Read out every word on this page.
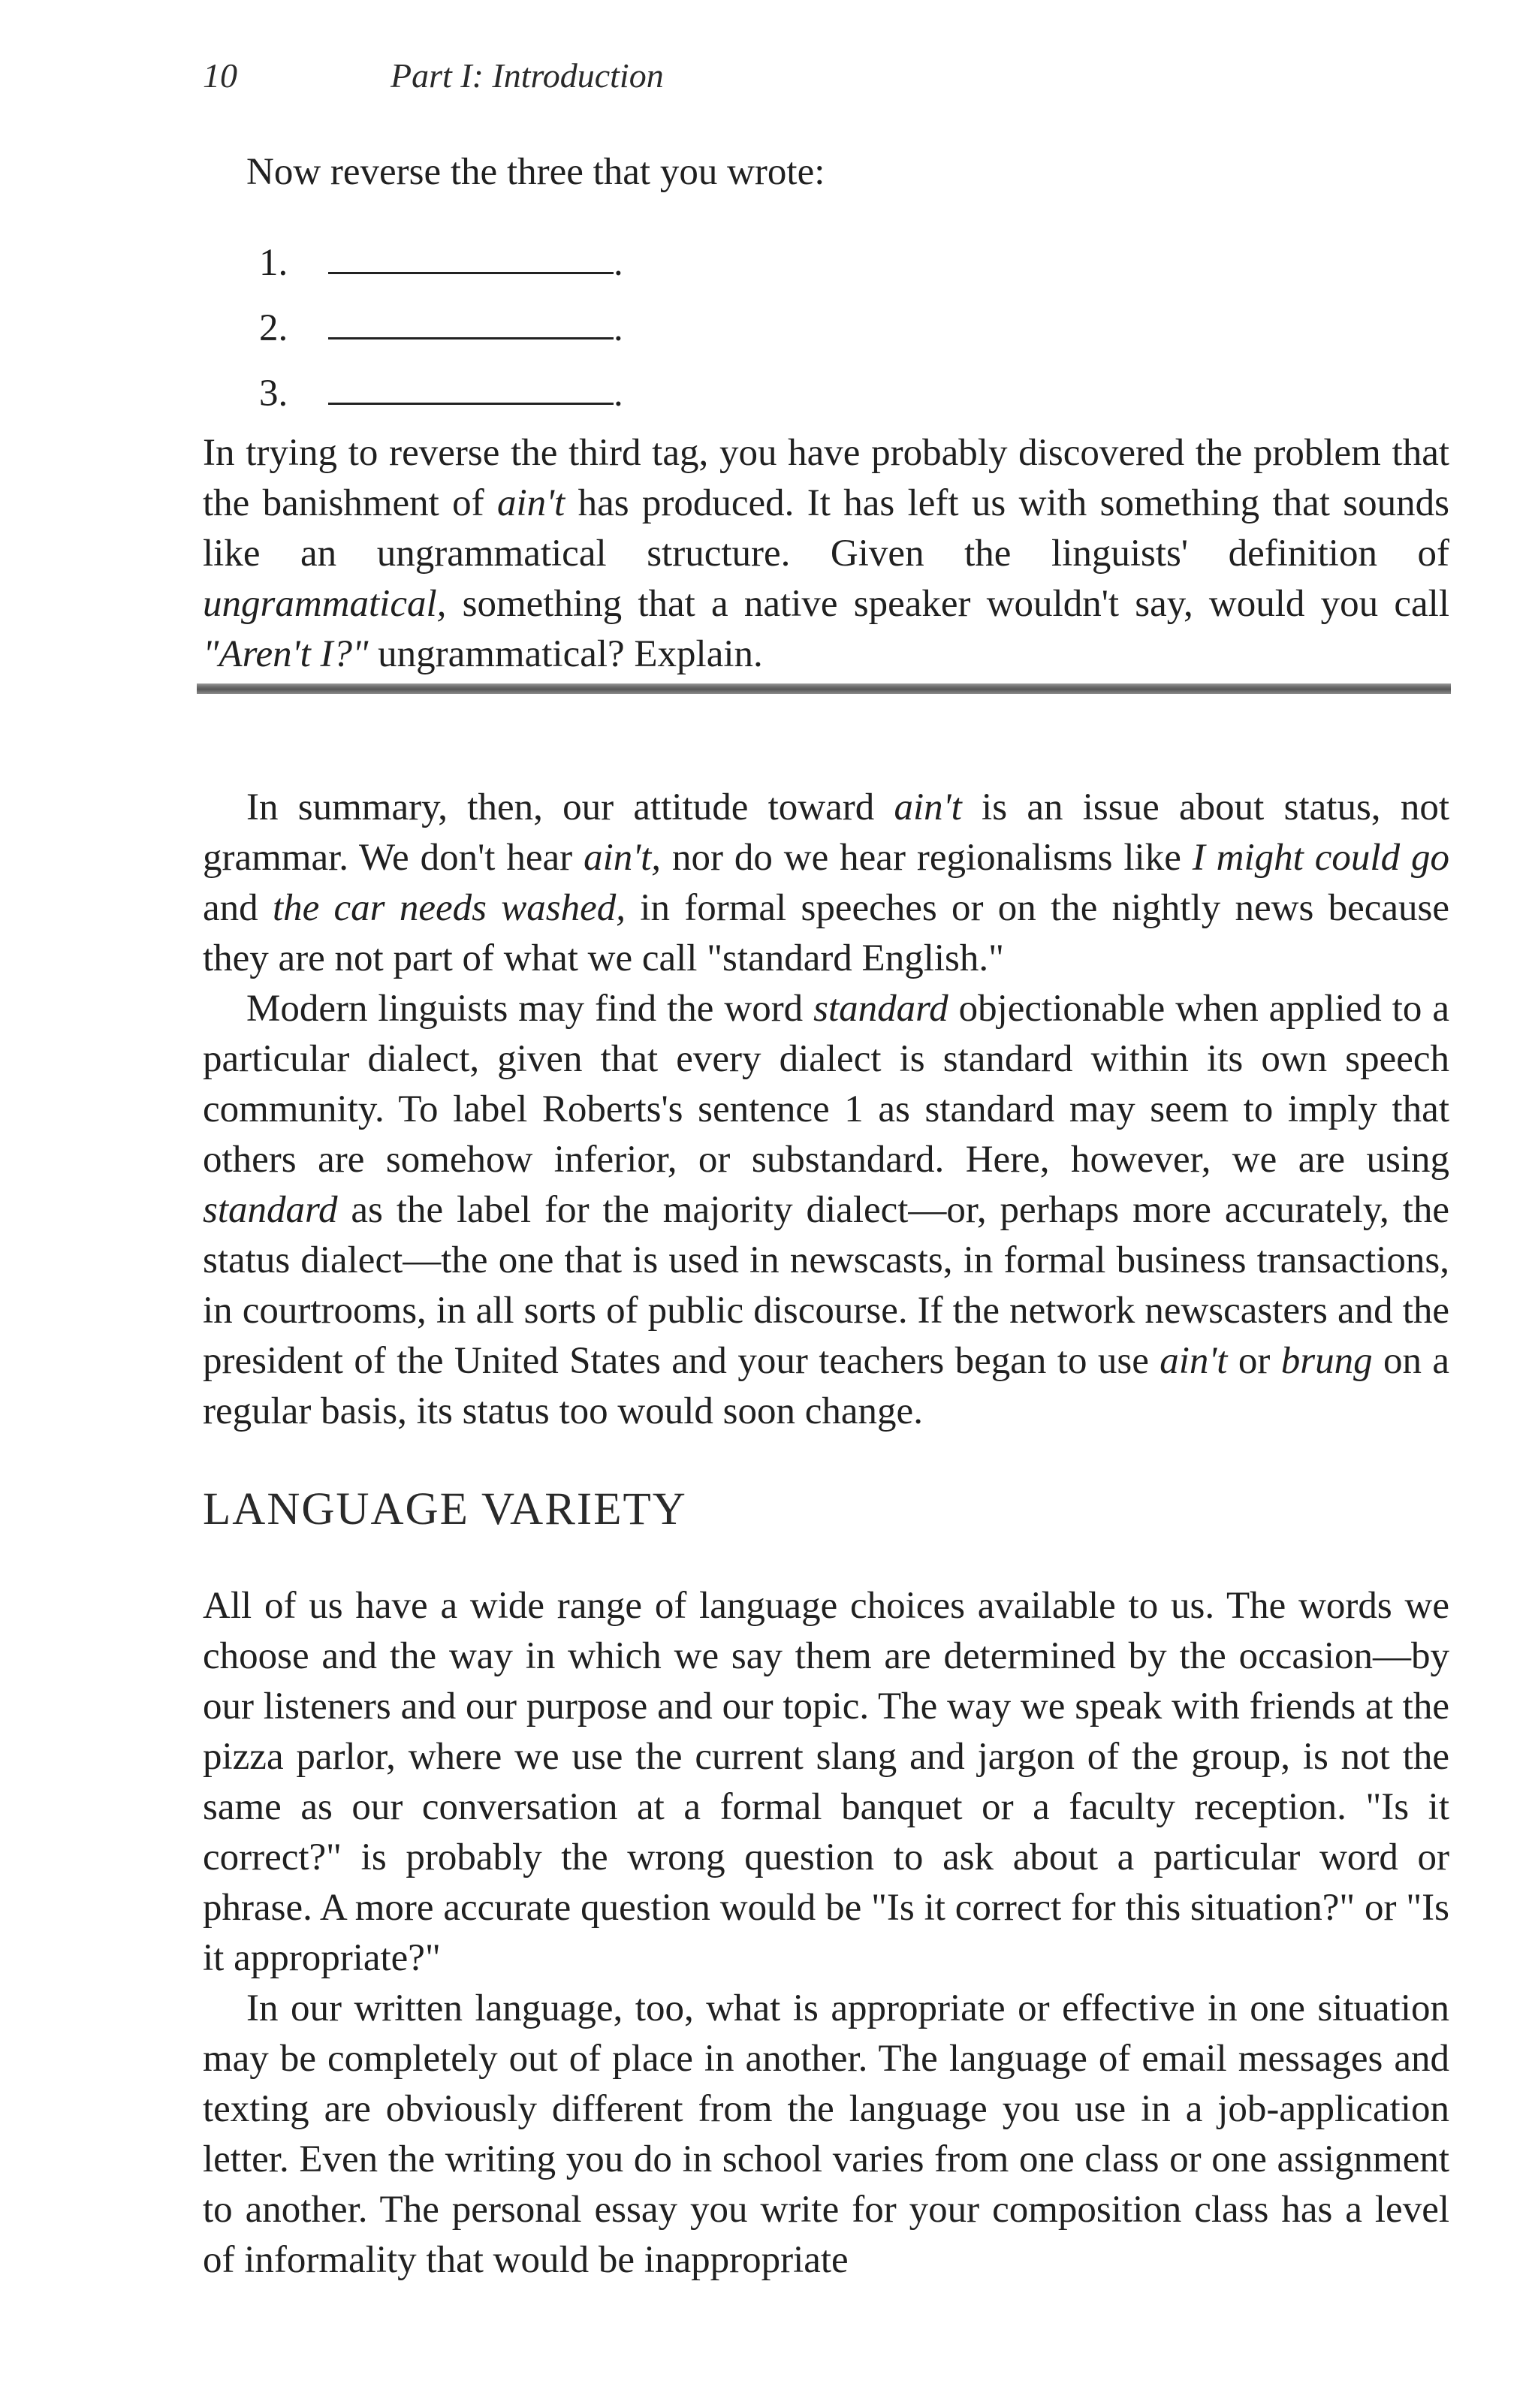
10	Part I: Introduction

Now reverse the three that you wrote:

1.	.
2.	.
3.	.

In trying to reverse the third tag, you have probably discovered the problem that the banishment of ain't has produced. It has left us with something that sounds like an ungrammatical structure. Given the linguists' definition of ungrammatical, something that a native speaker wouldn't say, would you call "Aren't I?" ungrammatical? Explain.

In summary, then, our attitude toward ain't is an issue about status, not grammar. We don't hear ain't, nor do we hear regionalisms like I might could go and the car needs washed, in formal speeches or on the nightly news because they are not part of what we call "standard English."

Modern linguists may find the word standard objectionable when applied to a particular dialect, given that every dialect is standard within its own speech community. To label Roberts's sentence 1 as standard may seem to imply that others are somehow inferior, or substandard. Here, however, we are using standard as the label for the majority dialect—or, perhaps more accurately, the status dialect—the one that is used in newscasts, in formal business transactions, in courtrooms, in all sorts of public discourse. If the network newscasters and the president of the United States and your teachers began to use ain't or brung on a regular basis, its status too would soon change.

LANGUAGE VARIETY

All of us have a wide range of language choices available to us. The words we choose and the way in which we say them are determined by the occasion—by our listeners and our purpose and our topic. The way we speak with friends at the pizza parlor, where we use the current slang and jargon of the group, is not the same as our conversation at a formal banquet or a faculty reception. "Is it correct?" is probably the wrong question to ask about a particular word or phrase. A more accurate question would be "Is it correct for this situation?" or "Is it appropriate?"

In our written language, too, what is appropriate or effective in one situation may be completely out of place in another. The language of email messages and texting are obviously different from the language you use in a job-application letter. Even the writing you do in school varies from one class or one assignment to another. The personal essay you write for your composition class has a level of informality that would be inappropriate
